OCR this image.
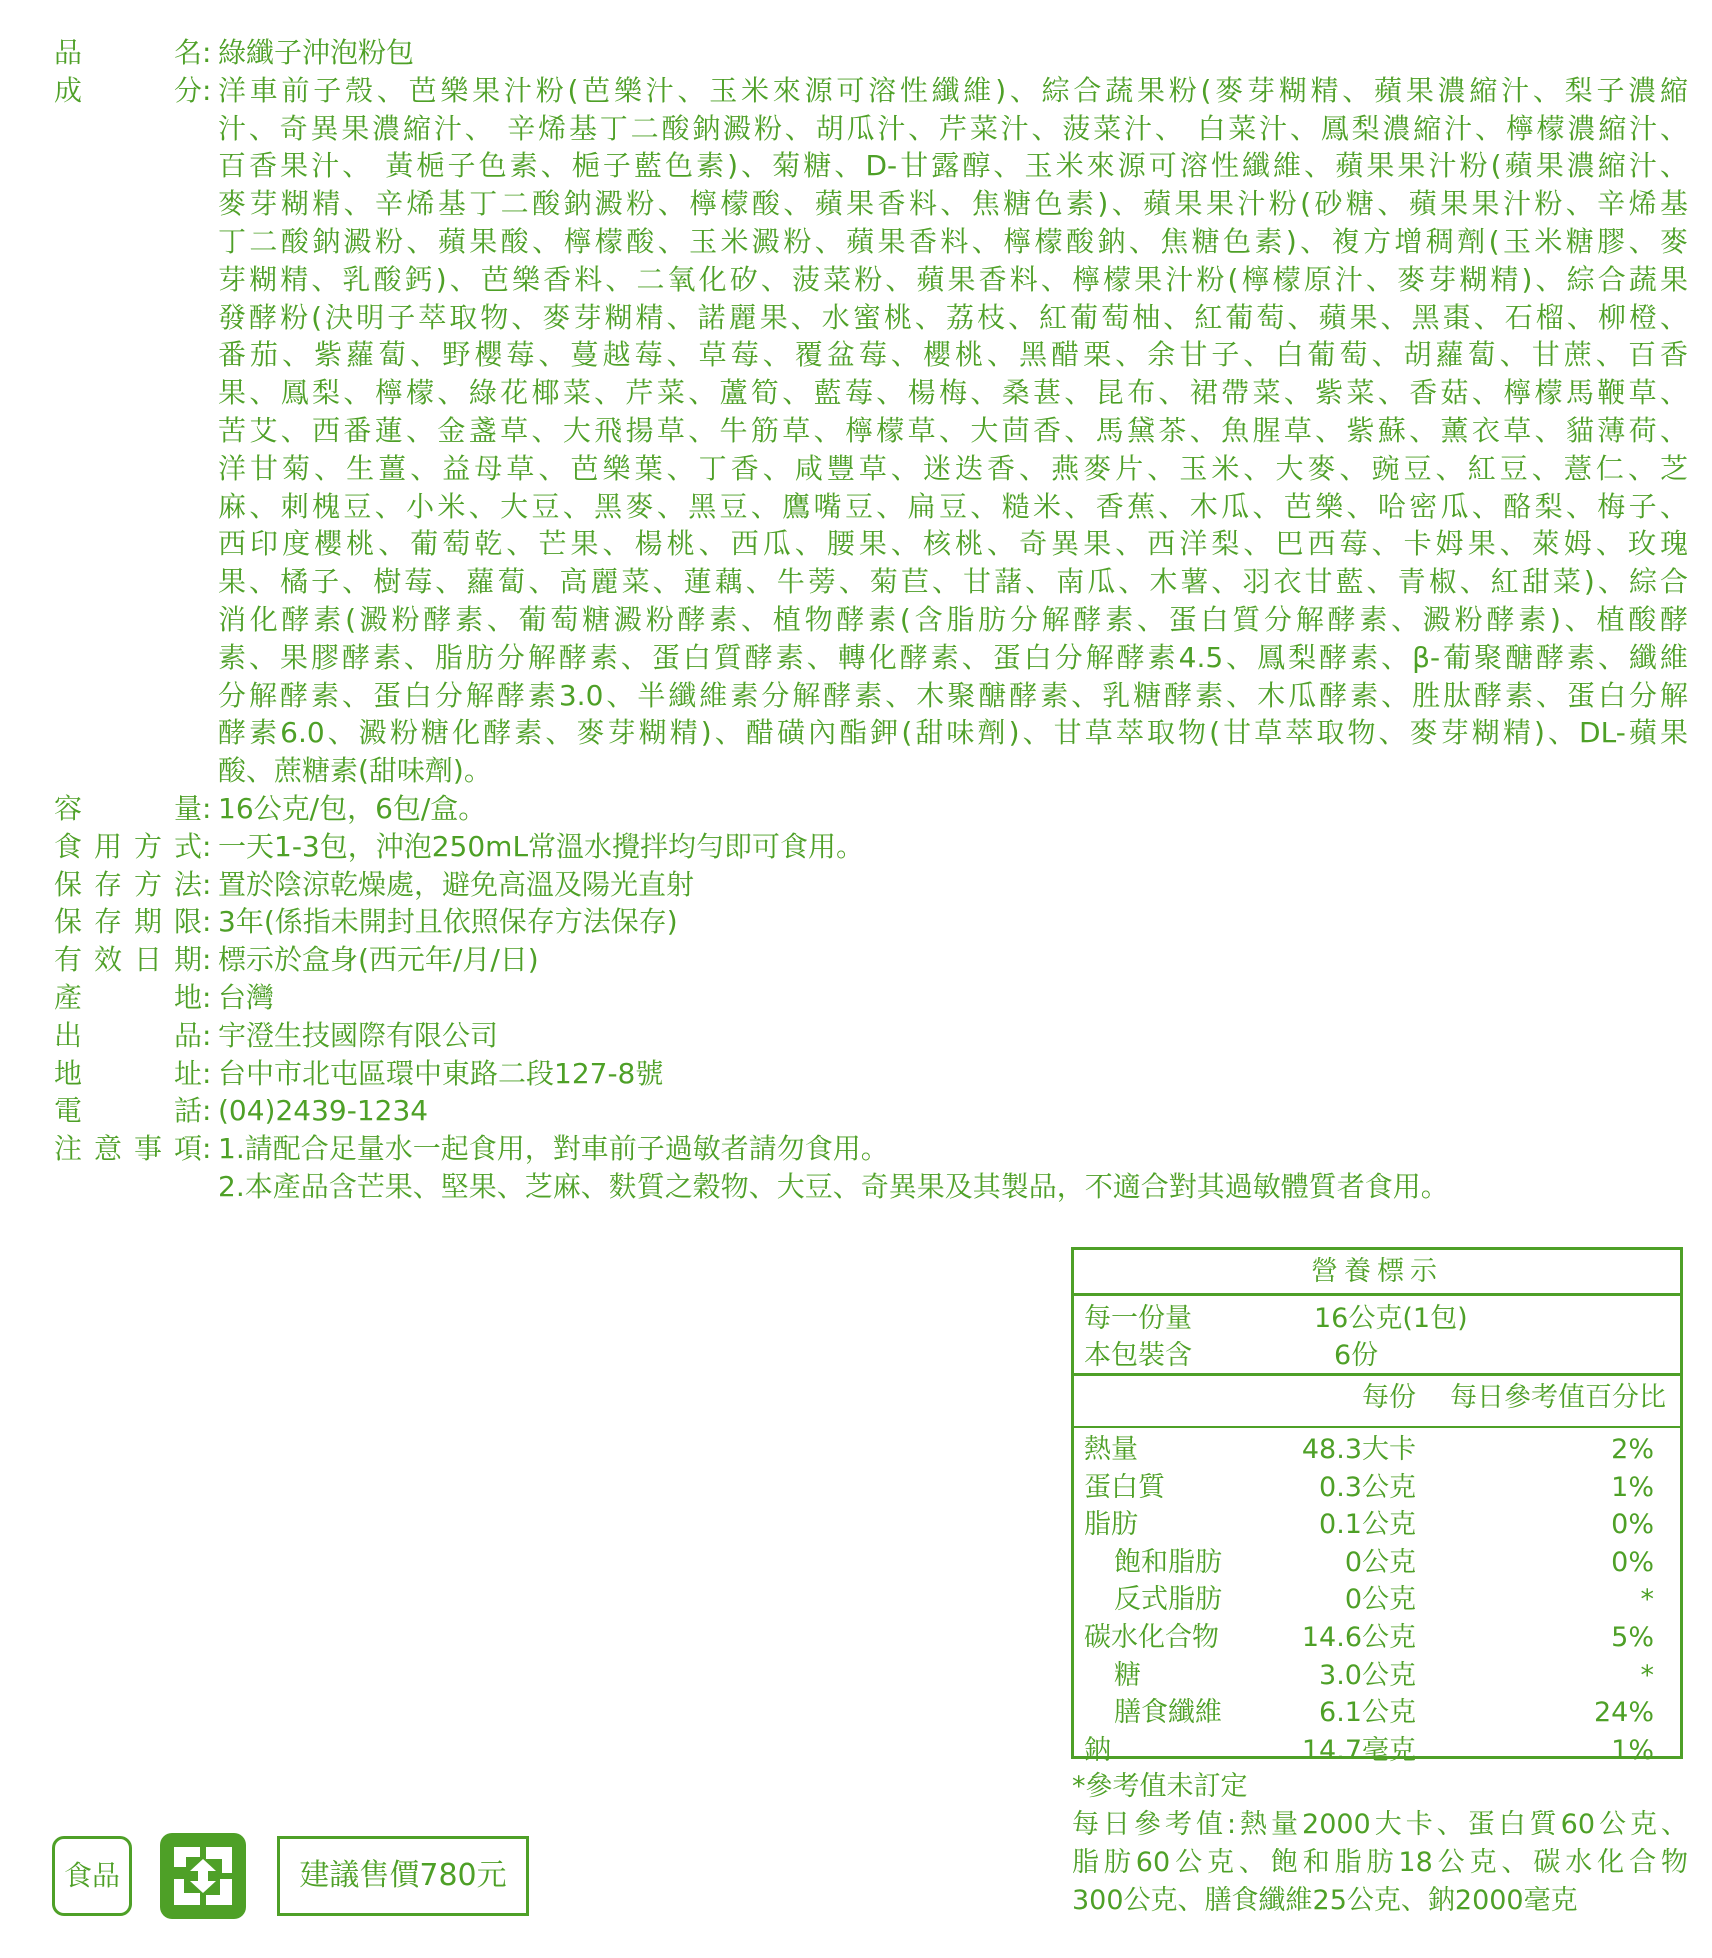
品	名 : 綠纖子沖泡粉包
成	分 : 洋車前子殼、芭樂果汁粉(芭樂汁、玉米來源可溶性纖維)、綜合蔬果粉(麥芽糊精、蘋果濃縮汁、梨子濃縮
汁、奇異果濃縮汁、 辛烯基丁二酸鈉澱粉、胡瓜汁、芹菜汁、菠菜汁、 白菜汁、鳳梨濃縮汁、檸檬濃縮汁、
百香果汁、 黃梔子色素、梔子藍色素)、菊糖、D-甘露醇、玉米來源可溶性纖維、蘋果果汁粉(蘋果濃縮汁、
麥芽糊精、辛烯基丁二酸鈉澱粉、檸檬酸、蘋果香料、焦糖色素)、蘋果果汁粉(砂糖、蘋果果汁粉、辛烯基
丁二酸鈉澱粉、蘋果酸、檸檬酸、玉米澱粉、蘋果香料、檸檬酸鈉、焦糖色素)、複方增稠劑(玉米糖膠、麥
芽糊精、乳酸鈣)、芭樂香料、二氧化矽、菠菜粉、蘋果香料、檸檬果汁粉(檸檬原汁、麥芽糊精)、綜合蔬果
發酵粉(決明子萃取物、麥芽糊精、諾麗果、水蜜桃、荔枝、紅葡萄柚、紅葡萄、蘋果、黑棗、石榴、柳橙、
番茄、紫蘿蔔、野櫻莓、蔓越莓、草莓、覆盆莓、櫻桃、黑醋栗、余甘子、白葡萄、胡蘿蔔、甘蔗、百香
果、鳳梨、檸檬、綠花椰菜、芹菜、蘆筍、藍莓、楊梅、桑葚、昆布、裙帶菜、紫菜、香菇、檸檬馬鞭草、
苦艾、西番蓮、金盞草、大飛揚草、牛筋草、檸檬草、大茴香、馬黛茶、魚腥草、紫蘇、薰衣草、貓薄荷、
洋甘菊、生薑、益母草、芭樂葉、丁香、咸豐草、迷迭香、燕麥片、玉米、大麥、豌豆、紅豆、薏仁、芝
麻、刺槐豆、小米、大豆、黑麥、黑豆、鷹嘴豆、扁豆、糙米、香蕉、木瓜、芭樂、哈密瓜、酪梨、梅子、
西印度櫻桃、葡萄乾、芒果、楊桃、西瓜、腰果、核桃、奇異果、西洋梨、巴西莓、卡姆果、萊姆、玫瑰
果、橘子、樹莓、蘿蔔、高麗菜、蓮藕、牛蒡、菊苣、甘藷、南瓜、木薯、羽衣甘藍、青椒、紅甜菜)、綜合
消化酵素(澱粉酵素、葡萄糖澱粉酵素、植物酵素(含脂肪分解酵素、蛋白質分解酵素、澱粉酵素)、植酸酵
素、果膠酵素、脂肪分解酵素、蛋白質酵素、轉化酵素、蛋白分解酵素4.5、鳳梨酵素、β-葡聚醣酵素、纖維
分解酵素、蛋白分解酵素3.0、半纖維素分解酵素、木聚醣酵素、乳糖酵素、木瓜酵素、胜肽酵素、蛋白分解
酵素6.0、澱粉糖化酵素、麥芽糊精)、醋磺內酯鉀(甜味劑)、甘草萃取物(甘草萃取物、麥芽糊精)、DL-蘋果
酸、蔗糖素(甜味劑)。
容	量 : 16公克/包，6包/盒。
食 用 方 式 : 一天1-3包，沖泡250mL常溫水攪拌均勻即可食用。
保 存 方 法 : 置於陰涼乾燥處，避免高溫及陽光直射
保 存 期 限 : 3年(係指未開封且依照保存方法保存)
有 效 日 期 : 標示於盒身(西元年/月/日)
產	地 : 台灣
出	品 : 宇澄生技國際有限公司
地	址 : 台中市北屯區環中東路二段127-8號
電	話 : (04)2439-1234
注 意 事 項 : 1.請配合足量水一起食用，對車前子過敏者請勿食用。
2.本產品含芒果、堅果、芝麻、麩質之穀物、大豆、奇異果及其製品，不適合對其過敏體質者食用。
營養標示
每一份量	16公克(1包)
本包裝含	6份
每份	每日參考值百分比
熱量	48.3大卡	2%
蛋白質	0.3公克	1%
脂肪	0.1公克	0%
飽和脂肪	0公克	0%
反式脂肪	0公克	*
碳水化合物	14.6公克	5%
糖	3.0公克	*
膳食纖維	6.1公克	24%
鈉	14.7毫克	1%
*參考值未訂定
每日參考值:熱量2000大卡、蛋白質60公克、
脂肪60公克、飽和脂肪18公克、碳水化合物
300公克、膳食纖維25公克、鈉2000毫克
食品	建議售價780元
